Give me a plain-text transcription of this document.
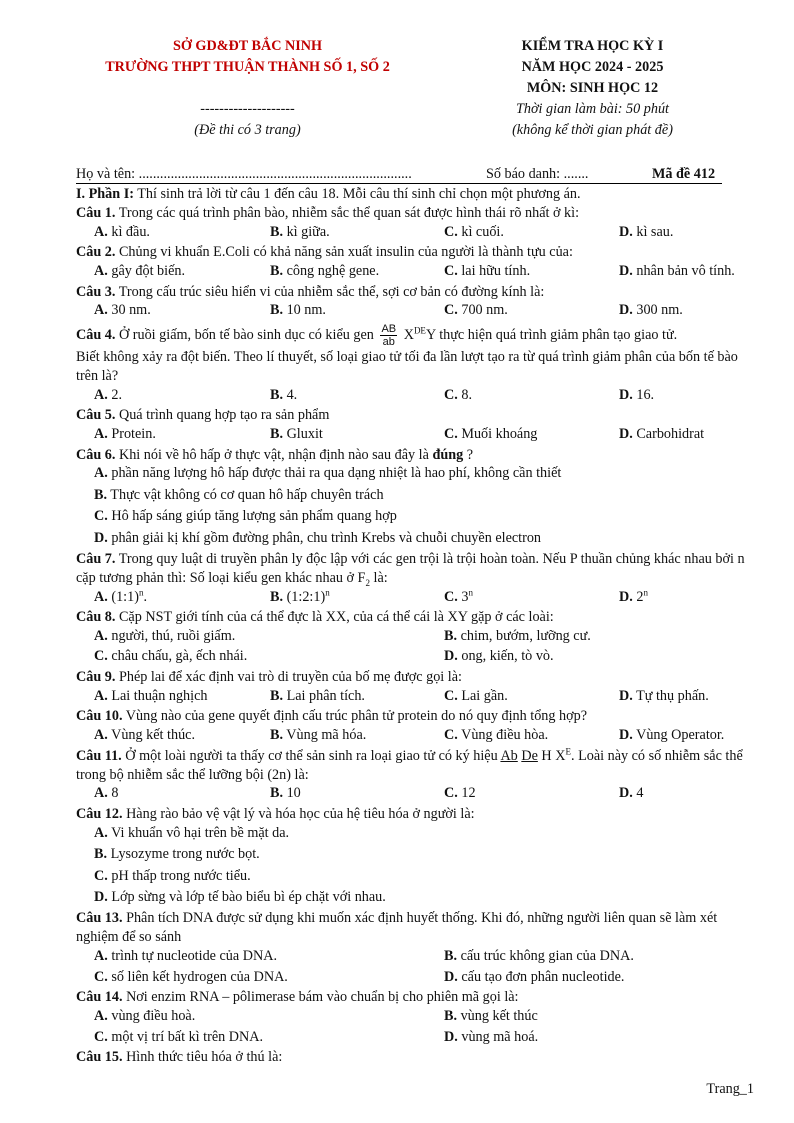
SỞ GD&ĐT BẮC NINH
TRƯỜNG THPT THUẬN THÀNH SỐ 1, SỐ 2
--------------------
(Đề thi có 3 trang)
KIỂM TRA HỌC KỲ I
NĂM HỌC 2024 - 2025
MÔN: SINH HỌC 12
Thời gian làm bài: 50 phút
(không kể thời gian phát đề)
Họ và tên: .............................................................................	Số báo danh: .......	Mã đề 412
I. Phần I: Thí sinh trả lời từ câu 1 đến câu 18. Mỗi câu thí sinh chỉ chọn một phương án.
Câu 1. Trong các quá trình phân bào, nhiễm sắc thể quan sát được hình thái rõ nhất ở kì:
A. kì đầu.	B. kì giữa.	C. kì cuối.	D. kì sau.
Câu 2. Chủng vi khuẩn E.Coli có khả năng sản xuất insulin của người là thành tựu của:
A. gây đột biến.	B. công nghệ gene.	C. lai hữu tính.	D. nhân bản vô tính.
Câu 3. Trong cấu trúc siêu hiển vi của nhiễm sắc thể, sợi cơ bản có đường kính là:
A. 30 nm.	B. 10 nm.	C. 700 nm.	D. 300 nm.
Câu 4. Ở ruồi giấm, bốn tế bào sinh dục có kiểu gen $\frac{AB}{ab} XDEY$ thực hiện quá trình giảm phân tạo giao tử.
Biết không xảy ra đột biến. Theo lí thuyết, số loại giao tử tối đa lần lượt tạo ra từ quá trình giảm phân của bốn tế bào trên là?
A. 2.	B. 4.	C. 8.	D. 16.
Câu 5. Quá trình quang hợp tạo ra sản phẩm
A. Protein.	B. Gluxit	C. Muối khoáng	D. Carbohidrat
Câu 6. Khi nói về hô hấp ở thực vật, nhận định nào sau đây là đúng ?
A. phần năng lượng hô hấp được thải ra qua dạng nhiệt là hao phí, không cần thiết
B. Thực vật không có cơ quan hô hấp chuyên trách
C. Hô hấp sáng giúp tăng lượng sản phẩm quang hợp
D. phân giải kị khí gồm đường phân, chu trình Krebs và chuỗi chuyền electron
Câu 7. Trong quy luật di truyền phân ly độc lập với các gen trội là trội hoàn toàn. Nếu P thuần chủng khác nhau bởi n cặp tương phản thì: Số loại kiểu gen khác nhau ở $F_2$ là:
A. (1:1)$^n$.	B. (1:2:1)$^n$	C. 3$^n$	D. 2$^n$
Câu 8. Cặp NST giới tính của cá thể đực là XX, của cá thể cái là XY gặp ở các loài:
A. người, thú, ruồi giấm.	B. chim, bướm, lưỡng cư.
C. châu chấu, gà, ếch nhái.	D. ong, kiến, tò vò.
Câu 9. Phép lai để xác định vai trò di truyền của bố mẹ được gọi là:
A. Lai thuận nghịch	B. Lai phân tích.	C. Lai gần.	D. Tự thụ phấn.
Câu 10. Vùng nào của gene quyết định cấu trúc phân tử protein do nó quy định tổng hợp?
A. Vùng kết thúc.	B. Vùng mã hóa.	C. Vùng điều hòa.	D. Vùng Operator.
Câu 11. Ở một loài người ta thấy cơ thể sản sinh ra loại giao tử có ký hiệu Ab De H $X^E$. Loài này có số nhiễm sắc thể trong bộ nhiễm sắc thể lưỡng bội (2n) là:
A. 8	B. 10	C. 12	D. 4
Câu 12. Hàng rào bảo vệ vật lý và hóa học của hệ tiêu hóa ở người là:
A. Vi khuẩn vô hại trên bề mặt da.
B. Lysozyme trong nước bọt.
C. pH thấp trong nước tiểu.
D. Lớp sừng và lớp tế bào biểu bì ép chặt với nhau.
Câu 13. Phân tích DNA được sử dụng khi muốn xác định huyết thống. Khi đó, những người liên quan sẽ làm xét nghiệm để so sánh
A. trình tự nucleotide của DNA.	B. cấu trúc không gian của DNA.
C. số liên kết hydrogen của DNA.	D. cấu tạo đơn phân nucleotide.
Câu 14. Nơi enzim RNA – pôlimerase bám vào chuẩn bị cho phiên mã gọi là:
A. vùng điều hoà.	B. vùng kết thúc
C. một vị trí bất kì trên DNA.	D. vùng mã hoá.
Câu 15. Hình thức tiêu hóa ở thú là:
Trang_1
